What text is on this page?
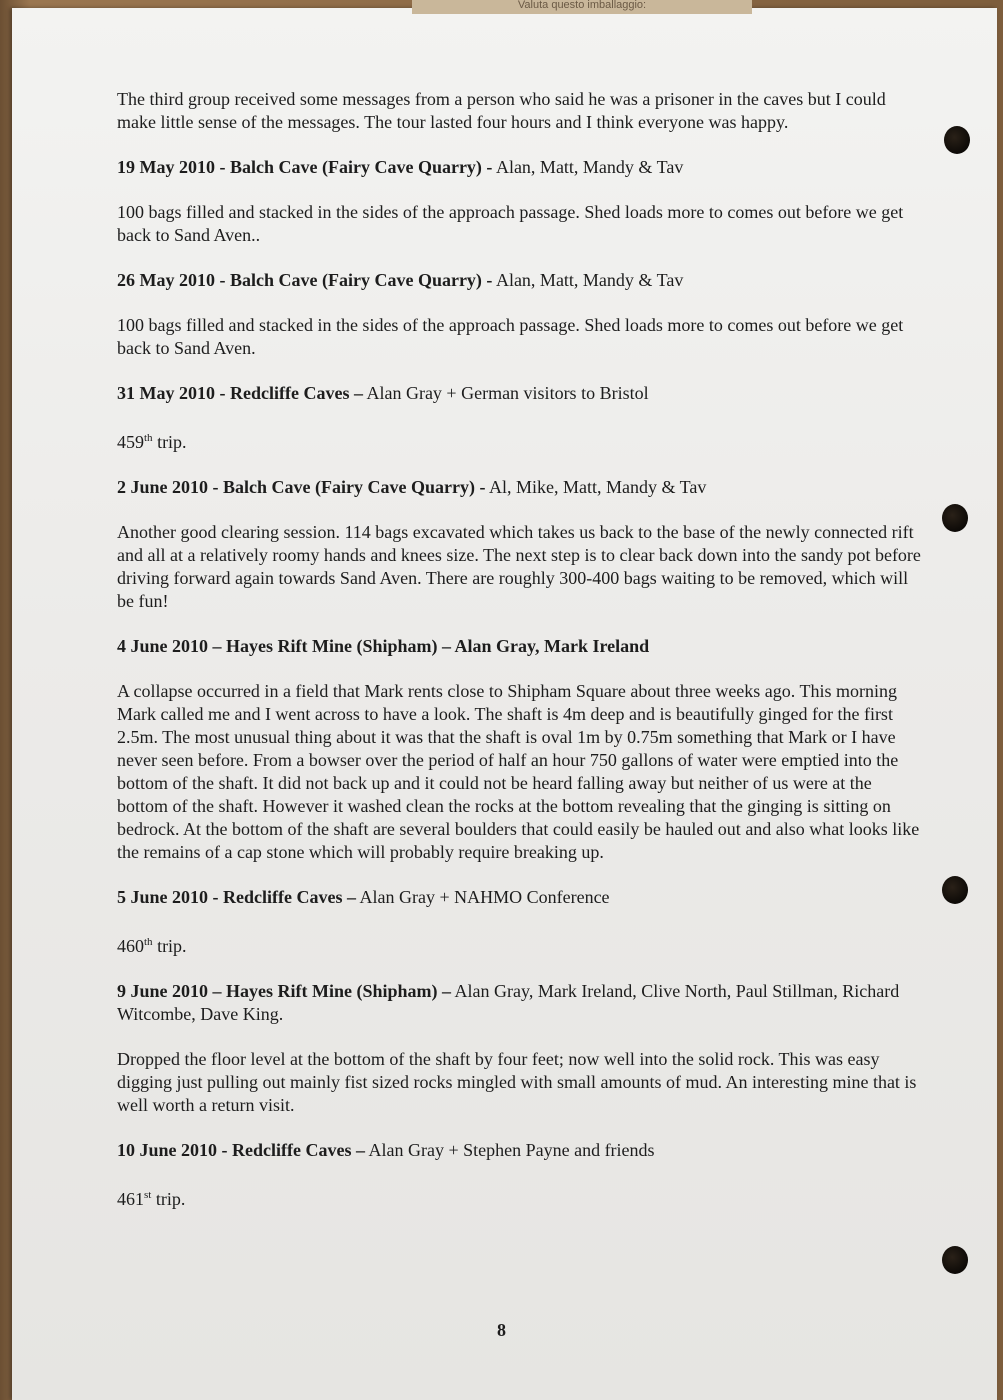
Valuta questo imballaggio:

The third group received some messages from a person who said he was a prisoner in the caves but I could make little sense of the messages. The tour lasted four hours and I think everyone was happy.

19 May 2010 - Balch Cave (Fairy Cave Quarry) - Alan, Matt, Mandy & Tav

100 bags filled and stacked in the sides of the approach passage. Shed loads more to comes out before we get back to Sand Aven..

26 May 2010 - Balch Cave (Fairy Cave Quarry) - Alan, Matt, Mandy & Tav

100 bags filled and stacked in the sides of the approach passage. Shed loads more to comes out before we get back to Sand Aven.

31 May 2010 - Redcliffe Caves – Alan Gray + German visitors to Bristol

459th trip.

2 June 2010 - Balch Cave (Fairy Cave Quarry) - Al, Mike, Matt, Mandy & Tav

Another good clearing session. 114 bags excavated which takes us back to the base of the newly connected rift and all at a relatively roomy hands and knees size. The next step is to clear back down into the sandy pot before driving forward again towards Sand Aven. There are roughly 300-400 bags waiting to be removed, which will be fun!

4 June 2010 – Hayes Rift Mine (Shipham) – Alan Gray, Mark Ireland

A collapse occurred in a field that Mark rents close to Shipham Square about three weeks ago. This morning Mark called me and I went across to have a look. The shaft is 4m deep and is beautifully ginged for the first 2.5m. The most unusual thing about it was that the shaft is oval 1m by 0.75m something that Mark or I have never seen before. From a bowser over the period of half an hour 750 gallons of water were emptied into the bottom of the shaft. It did not back up and it could not be heard falling away but neither of us were at the bottom of the shaft. However it washed clean the rocks at the bottom revealing that the ginging is sitting on bedrock. At the bottom of the shaft are several boulders that could easily be hauled out and also what looks like the remains of a cap stone which will probably require breaking up.

5 June 2010 - Redcliffe Caves – Alan Gray + NAHMO Conference

460th trip.

9 June 2010 – Hayes Rift Mine (Shipham) – Alan Gray, Mark Ireland, Clive North, Paul Stillman, Richard Witcombe, Dave King.

Dropped the floor level at the bottom of the shaft by four feet; now well into the solid rock. This was easy digging just pulling out mainly fist sized rocks mingled with small amounts of mud. An interesting mine that is well worth a return visit.

10 June 2010 - Redcliffe Caves – Alan Gray + Stephen Payne and friends

461st trip.

8
